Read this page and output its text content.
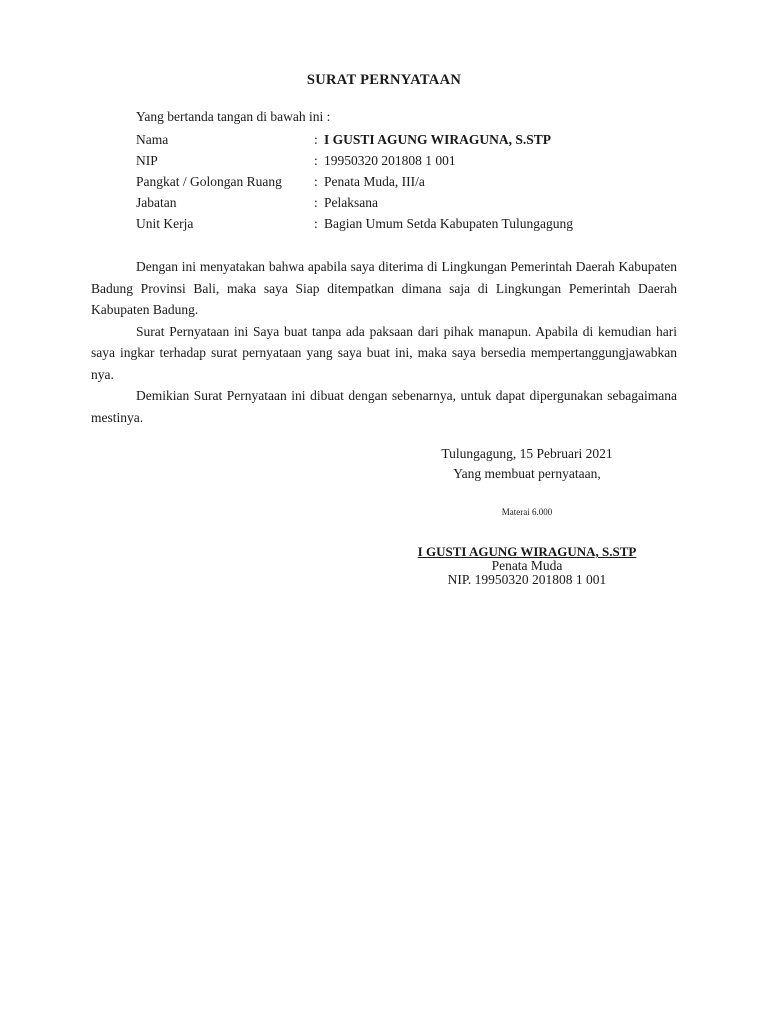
SURAT PERNYATAAN
Yang bertanda tangan di bawah ini :
Nama	: I GUSTI AGUNG WIRAGUNA, S.STP
NIP	: 19950320 201808 1 001
Pangkat / Golongan Ruang : Penata Muda, III/a
Jabatan	: Pelaksana
Unit Kerja	: Bagian Umum Setda Kabupaten Tulungagung

Dengan ini menyatakan bahwa apabila saya diterima di Lingkungan Pemerintah Daerah Kabupaten Badung Provinsi Bali, maka saya Siap ditempatkan dimana saja di Lingkungan Pemerintah Daerah Kabupaten Badung.

Surat Pernyataan ini Saya buat tanpa ada paksaan dari pihak manapun. Apabila di kemudian hari saya ingkar terhadap surat pernyataan yang saya buat ini, maka saya bersedia mempertanggungjawabkan nya.

Demikian Surat Pernyataan ini dibuat dengan sebenarnya, untuk dapat dipergunakan sebagaimana mestinya.

Tulungagung, 15 Pebruari 2021
Yang membuat pernyataan,
Materai 6.000
I GUSTI AGUNG WIRAGUNA, S.STP
Penata Muda
NIP. 19950320 201808 1 001
